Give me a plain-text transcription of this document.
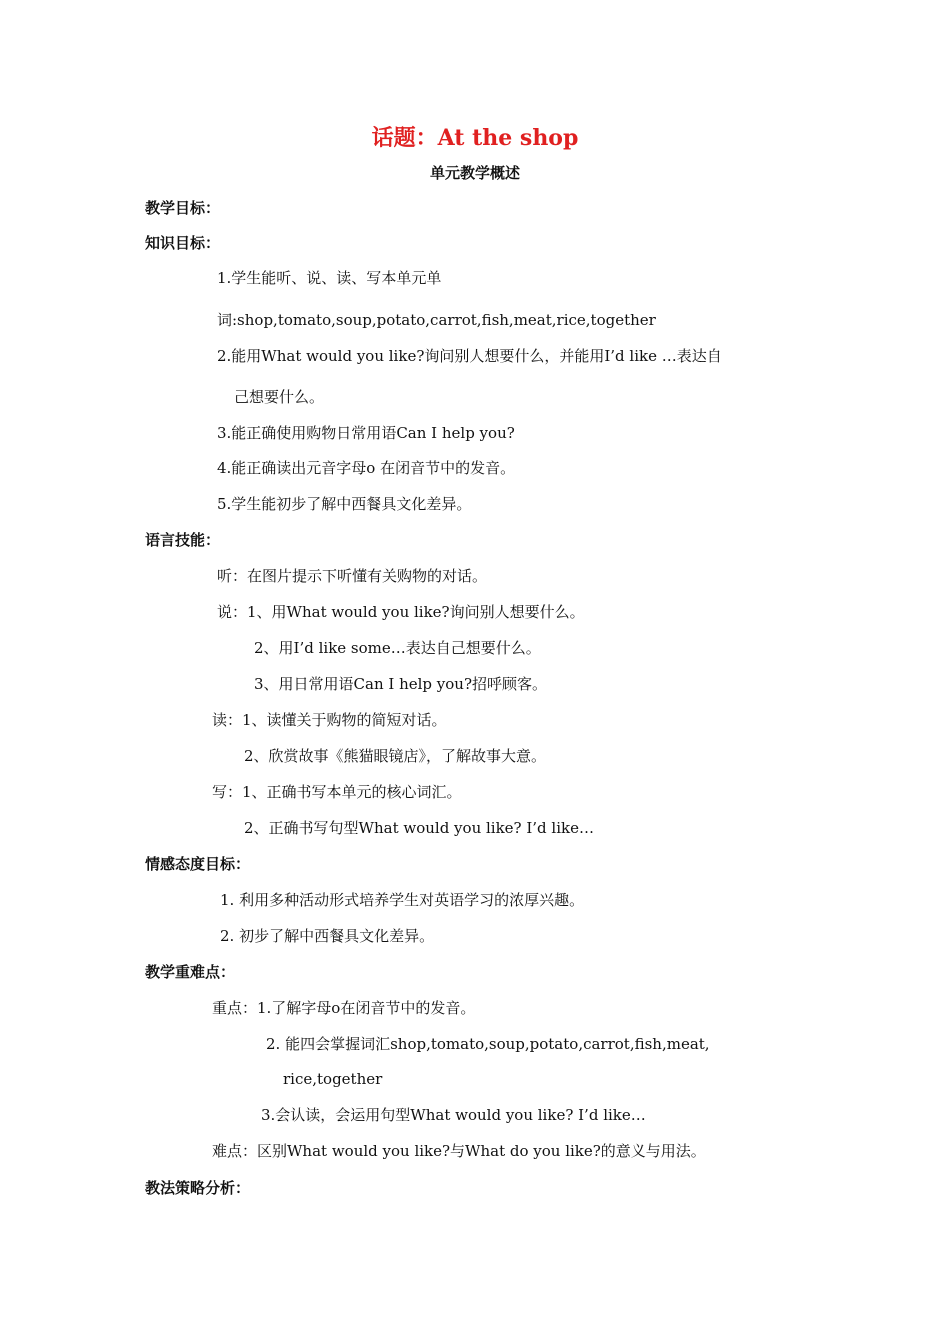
话题：At the shop
单元教学概述
教学目标：
知识目标：
1.学生能听、说、读、写本单元单
词:shop,tomato,soup,potato,carrot,fish,meat,rice,together
2.能用What would you like?询问别人想要什么，并能用I’d like …表达自
己想要什么。
3.能正确使用购物日常用语Can I help you?
4.能正确读出元音字母o 在闭音节中的发音。
5.学生能初步了解中西餐具文化差异。
语言技能：
听：在图片提示下听懂有关购物的对话。
说：1、用What would you like?询问别人想要什么。
2、用I’d like some…表达自己想要什么。
3、用日常用语Can I help you?招呼顾客。
读：1、读懂关于购物的简短对话。
2、欣赏故事《熊猫眼镜店》，了解故事大意。
写：1、正确书写本单元的核心词汇。
2、正确书写句型What would you like? I’d like…
情感态度目标：
1. 利用多种活动形式培养学生对英语学习的浓厚兴趣。
2. 初步了解中西餐具文化差异。
教学重难点：
重点：1.了解字母o在闭音节中的发音。
2. 能四会掌握词汇shop,tomato,soup,potato,carrot,fish,meat,
rice,together
3.会认读，会运用句型What would you like? I’d like…
难点：区别What would you like?与What do you like?的意义与用法。
教法策略分析：
